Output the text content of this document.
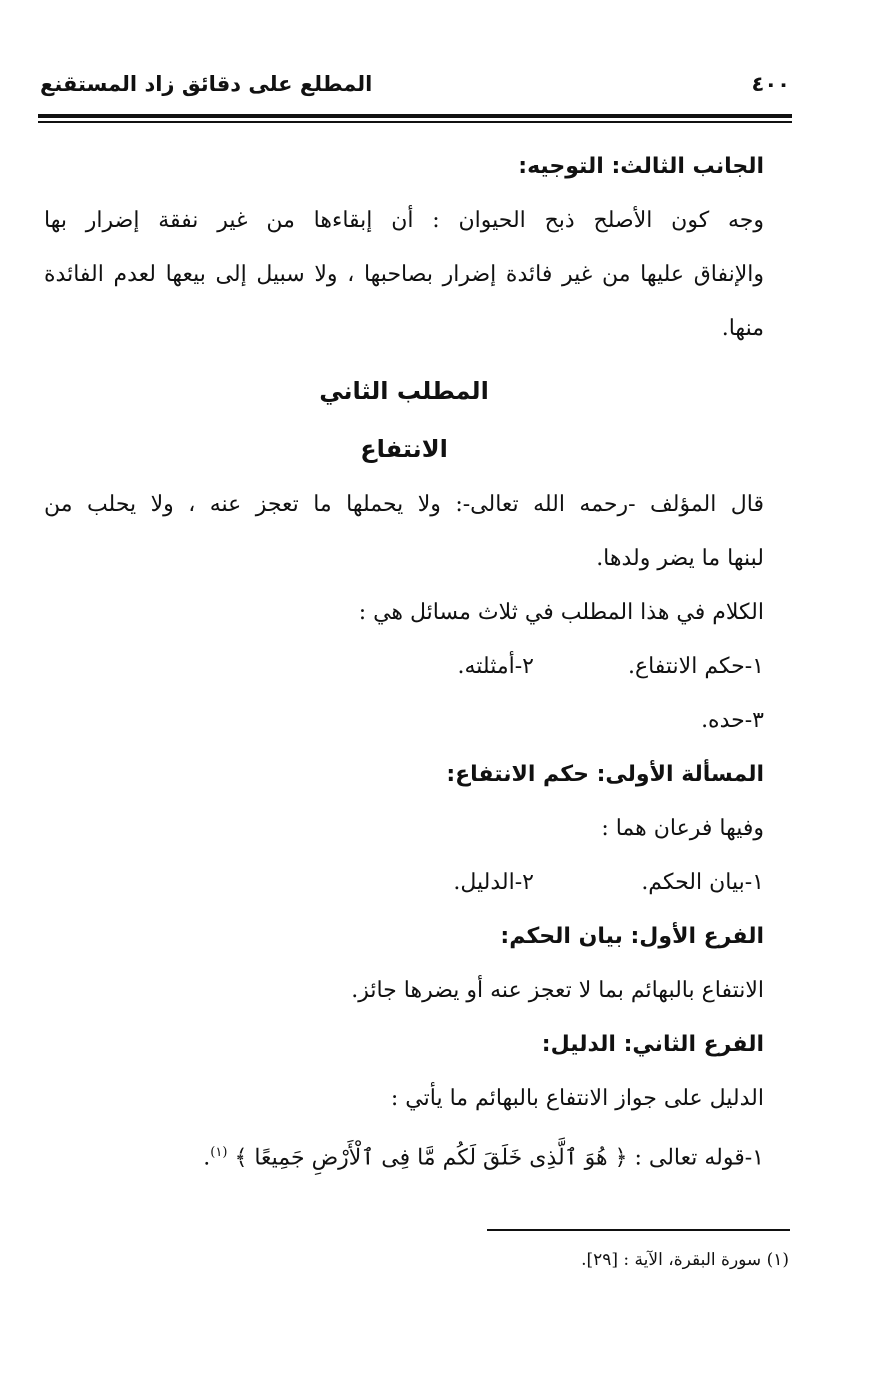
المطلع على دقائق زاد المستقنع	٤٠٠
الجانب الثالث: التوجيه:
وجه كون الأصلح ذبح الحيوان : أن إبقاءها من غير نفقة إضرار بها
والإنفاق عليها من غير فائدة إضرار بصاحبها ، ولا سبيل إلى بيعها لعدم الفائدة
منها.
المطلب الثاني
الانتفاع
قال المؤلف -رحمه الله تعالى-: ولا يحملها ما تعجز عنه ، ولا يحلب من
لبنها ما يضر ولدها.
الكلام في هذا المطلب في ثلاث مسائل هي :
١-حكم الانتفاع.
٢-أمثلته.
٣-حده.
المسألة الأولى: حكم الانتفاع:
وفيها فرعان هما :
١-بيان الحكم.
٢-الدليل.
الفرع الأول: بيان الحكم:
الانتفاع بالبهائم بما لا تعجز عنه أو يضرها جائز.
الفرع الثاني: الدليل:
الدليل على جواز الانتفاع بالبهائم ما يأتي :
١-قوله تعالى : ﴿ هُوَ ٱلَّذِى خَلَقَ لَكُم مَّا فِى ٱلْأَرْضِ جَمِيعًا ﴾ $^{(١)}$.
(١) سورة البقرة، الآية : [٢٩].
